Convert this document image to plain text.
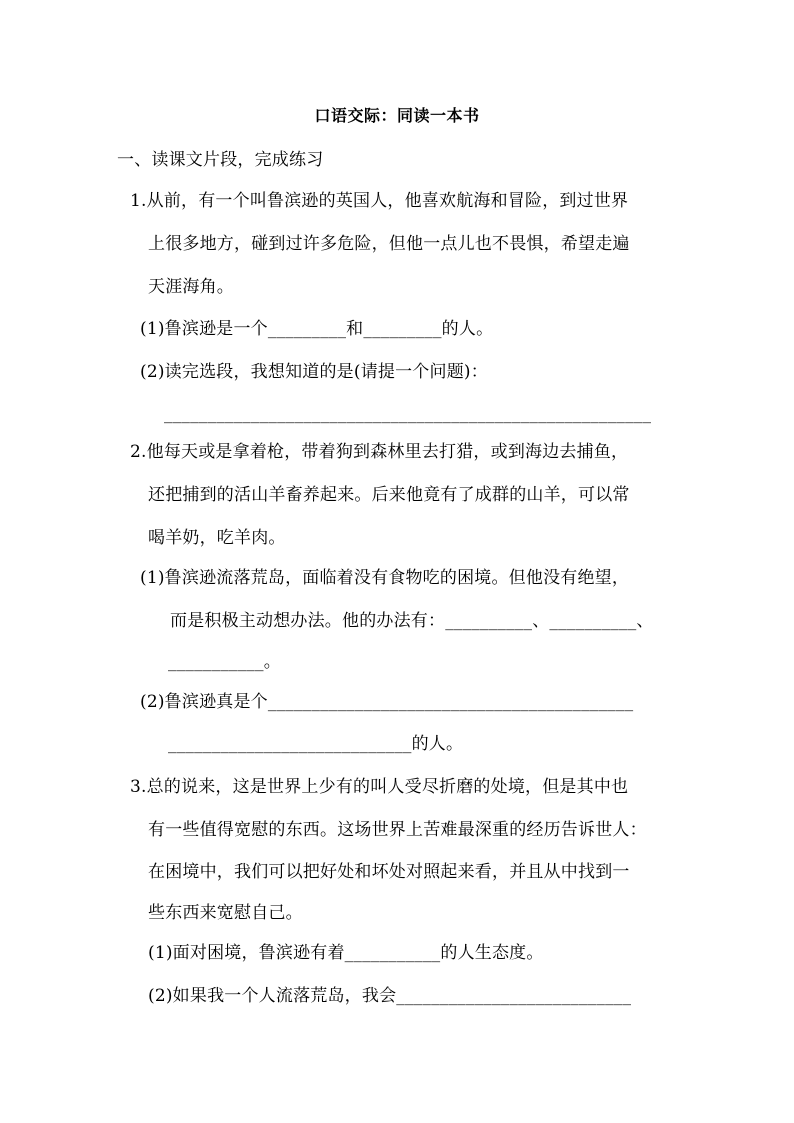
口语交际：同读一本书
一、读课文片段，完成练习
1.从前，有一个叫鲁滨逊的英国人，他喜欢航海和冒险，到过世界
上很多地方，碰到过许多危险，但他一点儿也不畏惧，希望走遍
天涯海角。
(1)鲁滨逊是一个_________和_________的人。
(2)读完选段，我想知道的是(请提一个问题)：
________________________________________________________
2.他每天或是拿着枪，带着狗到森林里去打猎，或到海边去捕鱼，
还把捕到的活山羊畜养起来。后来他竟有了成群的山羊，可以常
喝羊奶，吃羊肉。
(1)鲁滨逊流落荒岛，面临着没有食物吃的困境。但他没有绝望，
而是积极主动想办法。他的办法有：__________、__________、
___________。
(2)鲁滨逊真是个__________________________________________
____________________________的人。
3.总的说来，这是世界上少有的叫人受尽折磨的处境，但是其中也
有一些值得宽慰的东西。这场世界上苦难最深重的经历告诉世人：
在困境中，我们可以把好处和坏处对照起来看，并且从中找到一
些东西来宽慰自己。
(1)面对困境，鲁滨逊有着___________的人生态度。
(2)如果我一个人流落荒岛，我会___________________________
